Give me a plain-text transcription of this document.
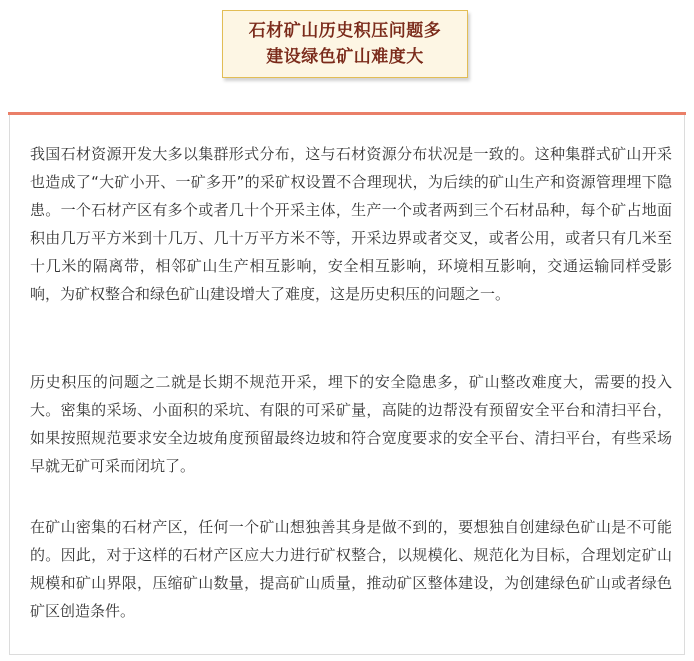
石材矿山历史积压问题多
建设绿色矿山难度大

我国石材资源开发大多以集群形式分布，这与石材资源分布状况是一致的。这种集群式矿山开采也造成了“大矿小开、一矿多开”的采矿权设置不合理现状，为后续的矿山生产和资源管理埋下隐患。一个石材产区有多个或者几十个开采主体，生产一个或者两到三个石材品种，每个矿占地面积由几万平方米到十几万、几十万平方米不等，开采边界或者交叉，或者公用，或者只有几米至十几米的隔离带，相邻矿山生产相互影响，安全相互影响，环境相互影响，交通运输同样受影响，为矿权整合和绿色矿山建设增大了难度，这是历史积压的问题之一。

历史积压的问题之二就是长期不规范开采，埋下的安全隐患多，矿山整改难度大，需要的投入大。密集的采场、小面积的采坑、有限的可采矿量，高陡的边帮没有预留安全平台和清扫平台，如果按照规范要求安全边坡角度预留最终边坡和符合宽度要求的安全平台、清扫平台，有些采场早就无矿可采而闭坑了。

在矿山密集的石材产区，任何一个矿山想独善其身是做不到的，要想独自创建绿色矿山是不可能的。因此，对于这样的石材产区应大力进行矿权整合，以规模化、规范化为目标，合理划定矿山规模和矿山界限，压缩矿山数量，提高矿山质量，推动矿区整体建设，为创建绿色矿山或者绿色矿区创造条件。
